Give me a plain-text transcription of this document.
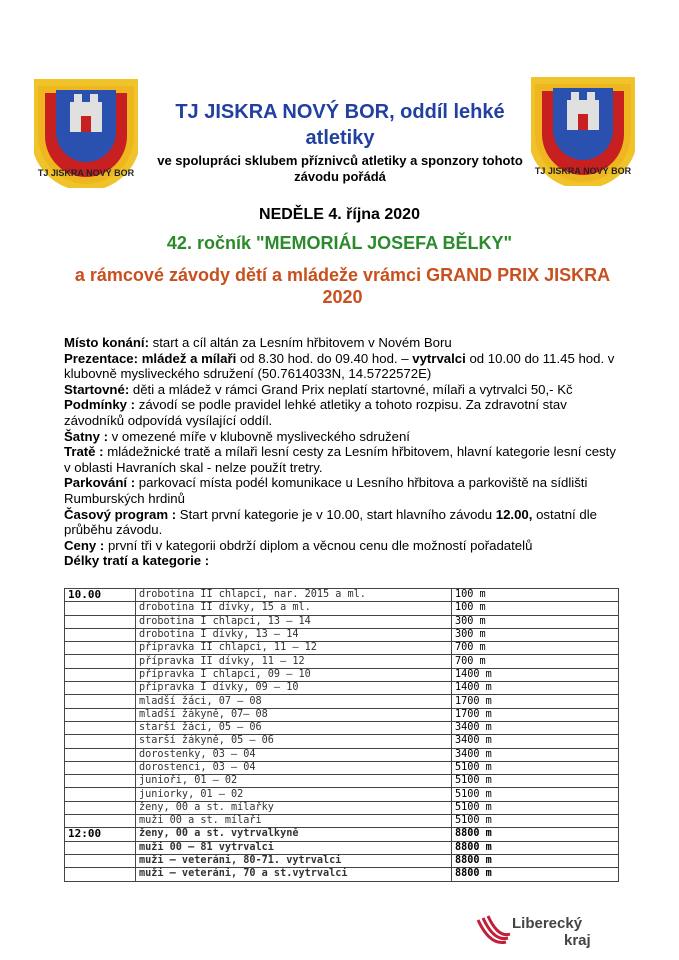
TJ JISKRA NOVÝ BOR
TJ JISKRA NOVÝ BOR, oddíl lehké atletiky
ve spolupráci sklubem příznivců atletiky a sponzory tohoto závodu pořádá	TJ JISKRA NOVÝ BOR
NEDĚLE 4. října 2020
42. ročník "MEMORIÁL JOSEFA BĚLKY"
a rámcové závody dětí a mládeže vrámci GRAND PRIX JISKRA 2020

Místo konání: start a cíl altán za Lesním hřbitovem v Novém Boru

Prezentace: mládež a mílaři od 8.30 hod. do 09.40 hod. – vytrvalci od 10.00 do 11.45 hod. v klubovně mysliveckého sdružení (50.7614033N, 14.5722572E)

Startovné: děti a mládež v rámci Grand Prix neplatí startovné, mílaři a vytrvalci 50,- Kč

Podmínky : závodí se podle pravidel lehké atletiky a tohoto rozpisu. Za zdravotní stav závodníků odpovídá vysílající oddíl.

Šatny : v omezené míře v klubovně mysliveckého sdružení

Tratě : mládežnické tratě a mílaři lesní cesty za Lesním hřbitovem, hlavní kategorie lesní cesty v oblasti Havraních skal - nelze použít tretry.

Parkování : parkovací místa podél komunikace u Lesního hřbitova a parkoviště na sídlišti Rumburských hrdinů

Časový program : Start první kategorie je v 10.00, start hlavního závodu 12.00, ostatní dle průběhu závodu.

Ceny : první tři v kategorii obdrží diplom a věcnou cenu dle možností pořadatelů

Délky tratí a kategorie :

10.00	drobotina II chlapci, nar. 2015 a ml.	100 m
	drobotina II dívky, 15 a ml.	100 m
	drobotina I chlapci, 13 – 14	300 m
	drobotina I dívky, 13 – 14	300 m
	přípravka II chlapci, 11 – 12	700 m
	přípravka II dívky, 11 – 12	700 m
	přípravka I chlapci, 09 – 10	1400 m
	přípravka I dívky, 09 – 10	1400 m
	mladší žáci, 07 – 08	1700 m
	mladší žákyně, 07– 08	1700 m
	starší žáci, 05 – 06	3400 m
	starší žákyně, 05 – 06	3400 m
	dorostenky, 03 – 04	3400 m
	dorostenci, 03 – 04	5100 m
	junioři, 01 – 02	5100 m
	juniorky, 01 – 02	5100 m
	ženy, 00 a st. mílařky	5100 m
	muži 00 a st. mílaři	5100 m
12:00	ženy, 00 a st. vytrvalkyně	8800 m
	muži 00 – 81 vytrvalci	8800 m
	muži – veteráni, 80-71. vytrvalci	8800 m
	muži – veteráni, 70 a st.vytrvalci	8800 m
Liberecký
kraj
